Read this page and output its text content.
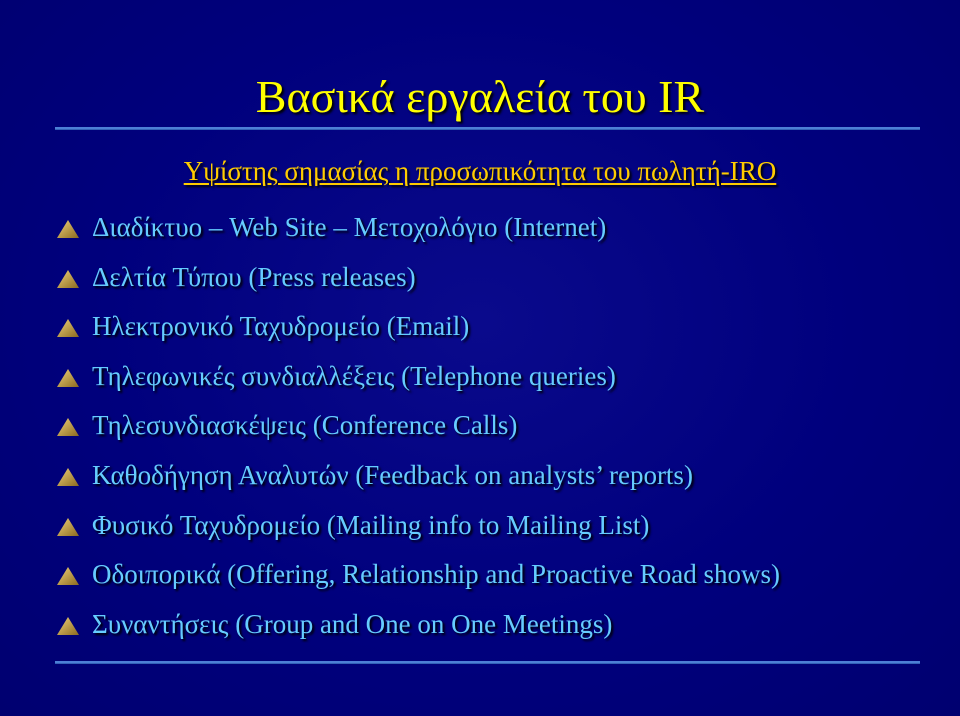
Βασικά εργαλεία του IR
Υψίστης σημασίας η προσωπικότητα του πωλητή-IRO
Διαδίκτυο – Web Site – Μετοχολόγιο (Internet)
Δελτία Τύπου (Press releases)
Ηλεκτρονικό Ταχυδρομείο (Email)
Τηλεφωνικές συνδιαλλέξεις (Telephone queries)
Τηλεσυνδιασκέψεις (Conference Calls)
Καθοδήγηση Αναλυτών (Feedback on analysts’ reports)
Φυσικό Ταχυδρομείο (Mailing info to Mailing List)
Οδοιπορικά (Offering, Relationship and Proactive Road shows)
Συναντήσεις (Group and One on One Meetings)
